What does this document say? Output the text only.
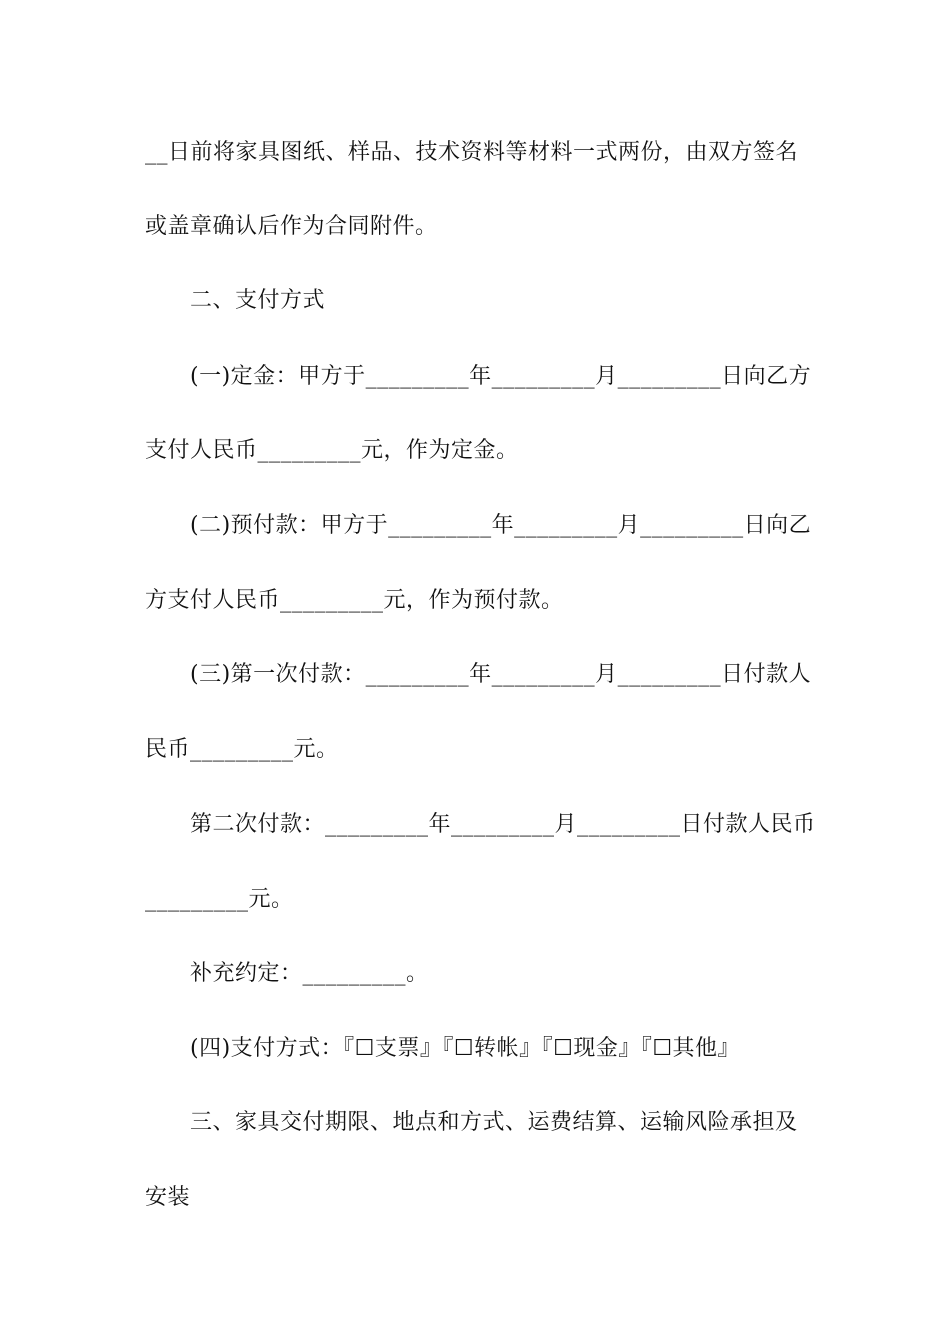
__日前将家具图纸、样品、技术资料等材料一式两份，由双方签名
或盖章确认后作为合同附件。
二、支付方式
(一)定金：甲方于_________年_________月_________日向乙方
支付人民币_________元，作为定金。
(二)预付款：甲方于_________年_________月_________日向乙
方支付人民币_________元，作为预付款。
(三)第一次付款：_________年_________月_________日付款人
民币_________元。
第二次付款：_________年_________月_________日付款人民币
_________元。
补充约定：_________。
(四)支付方式：『☐支票』『☐转帐』『☐现金』『☐其他』
三、家具交付期限、地点和方式、运费结算、运输风险承担及
安装
